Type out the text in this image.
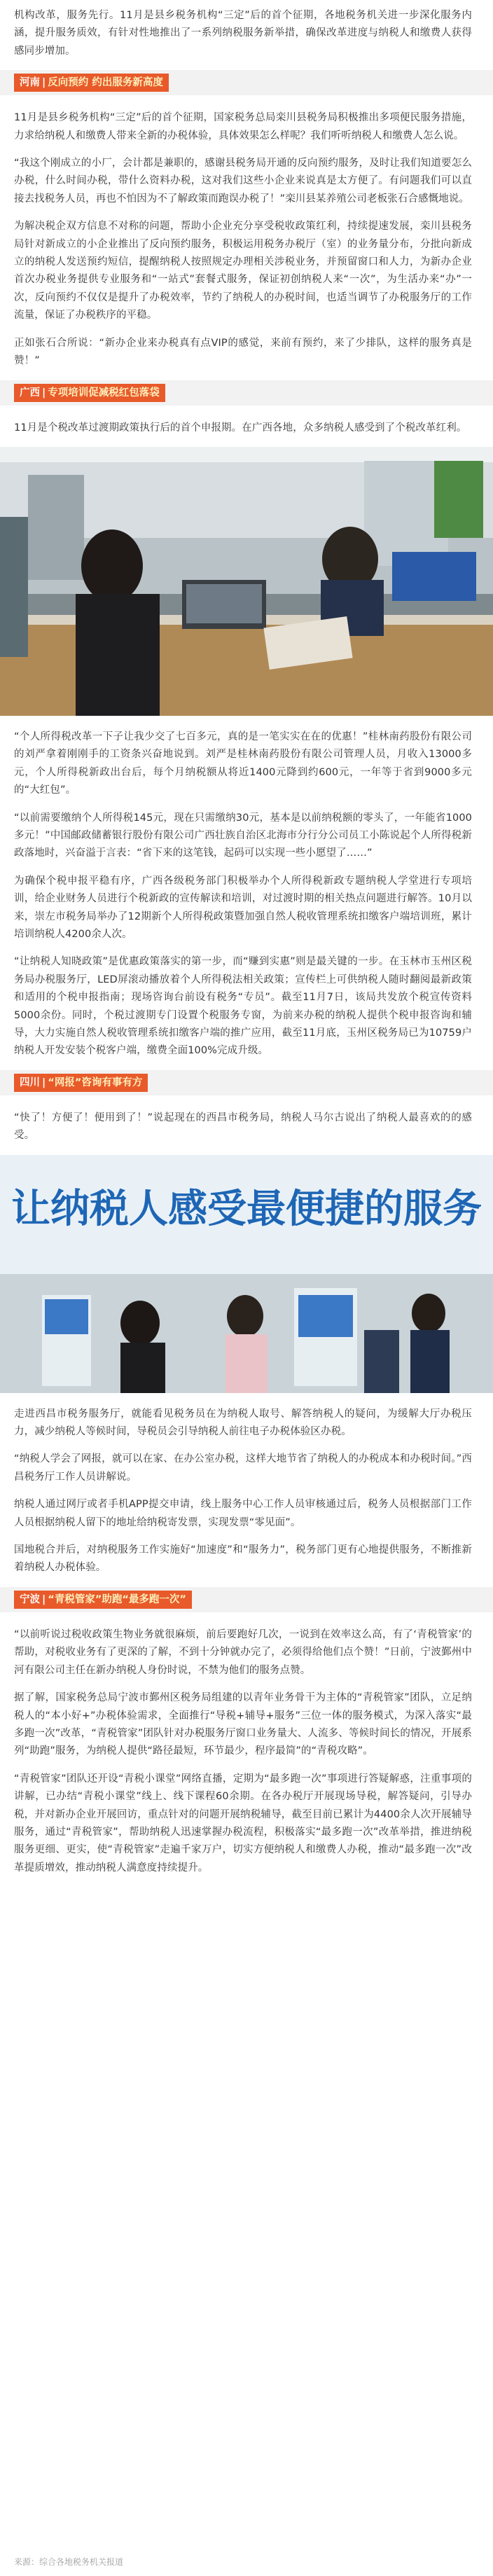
机构改革，服务先行。11月是县乡税务机构“三定”后的首个征期，各地税务机关进一步深化服务内涵，提升服务质效，有针对性地推出了一系列纳税服务新举措，确保改革进度与纳税人和缴费人获得感同步增加。

河南 | 反向预约 约出服务新高度

11月是县乡税务机构“三定”后的首个征期，国家税务总局栾川县税务局积极推出多项便民服务措施，力求给纳税人和缴费人带来全新的办税体验，具体效果怎么样呢？我们听听纳税人和缴费人怎么说。

“我这个刚成立的小厂，会计都是兼职的，感谢县税务局开通的反向预约服务，及时让我们知道要怎么办税，什么时间办税，带什么资料办税，这对我们这些小企业来说真是太方便了。有问题我们可以直接去找税务人员，再也不怕因为不了解政策而跑误办税了！”栾川县某养殖公司老板张石合感慨地说。

为解决税企双方信息不对称的问题，帮助小企业充分享受税收政策红利，持续提速发展，栾川县税务局针对新成立的小企业推出了反向预约服务，积极运用税务办税厅（室）的业务量分布，分批向新成立的纳税人发送预约短信，提醒纳税人按照规定办理相关涉税业务，并预留窗口和人力，为新办企业首次办税业务提供专业服务和“一站式”套餐式服务，保证初创纳税人来“一次”，为生活办来“办”一次，反向预约不仅仅是提升了办税效率，节约了纳税人的办税时间，也适当调节了办税服务厅的工作流量，保证了办税秩序的平稳。

正如张石合所说：“新办企业来办税真有点VIP的感觉，来前有预约，来了少排队，这样的服务真是赞！”

广西 | 专项培训促减税红包落袋

11月是个税改革过渡期政策执行后的首个申报期。在广西各地，众多纳税人感受到了个税改革红利。

“个人所得税改革一下子让我少交了七百多元，真的是一笔实实在在的优惠！”桂林南药股份有限公司的刘严拿着刚刚手的工资条兴奋地说到。刘严是桂林南药股份有限公司管理人员，月收入13000多元，个人所得税新政出台后，每个月纳税额从将近1400元降到约600元，一年等于省到9000多元的“大红包”。

“以前需要缴纳个人所得税145元，现在只需缴纳30元，基本是以前纳税额的零头了，一年能省1000多元！”中国邮政储蓄银行股份有限公司广西壮族自治区北海市分行分公司员工小陈说起个人所得税新政落地时，兴奋溢于言表：“省下来的这笔钱，起码可以实现一些小愿望了……”

为确保个税申报平稳有序，广西各级税务部门积极举办个人所得税新政专题纳税人学堂进行专项培训，给企业财务人员进行个税新政的宣传解读和培训，对过渡时期的相关热点问题进行解答。10月以来，崇左市税务局举办了12期新个人所得税政策暨加强自然人税收管理系统扣缴客户端培训班，累计培训纳税人4200余人次。

“让纳税人知晓政策”是优惠政策落实的第一步，而“赚到实惠”则是最关键的一步。在玉林市玉州区税务局办税服务厅，LED屏滚动播放着个人所得税法相关政策；宣传栏上可供纳税人随时翻阅最新政策和适用的个税申报指南；现场咨询台前设有税务“专员”。截至11月7日，该局共发放个税宣传资料5000余份。同时，个税过渡期专门设置个税服务专窗，为前来办税的纳税人提供个税申报咨询和辅导，大力实施自然人税收管理系统扣缴客户端的推广应用，截至11月底，玉州区税务局已为10759户纳税人开发安装个税客户端，缴费全面100%完成升级。

四川 | “网报”咨询有事有方

“快了！方便了！便用到了！”说起现在的西昌市税务局，纳税人马尔古说出了纳税人最喜欢的的感受。

让纳税人感受最便捷的服务

走进西昌市税务服务厅，就能看见税务员在为纳税人取号、解答纳税人的疑问，为缓解大厅办税压力，减少纳税人等候时间，导税员会引导纳税人前往电子办税体验区办税。

“纳税人学会了网报，就可以在家、在办公室办税，这样大地节省了纳税人的办税成本和办税时间。”西昌税务厅工作人员讲解说。

纳税人通过网厅或者手机APP提交申请，线上服务中心工作人员审核通过后，税务人员根据部门工作人员根据纳税人留下的地址给纳税寄发票，实现发票“零见面”。

国地税合并后，对纳税服务工作实施好“加速度”和“服务力”，税务部门更有心地提供服务，不断推新着纳税人办税体验。

宁波 | “青税管家”助跑“最多跑一次”

“以前听说过税收政策生物业务就很麻烦，前后要跑好几次，一说到在效率这么高，有了‘青税管家’的帮助，对税收业务有了更深的了解，不到十分钟就办完了，必须得给他们点个赞！”日前，宁波鄞州中河有限公司主任在新办纳税人身份时说，不禁为他们的服务点赞。

据了解，国家税务总局宁波市鄞州区税务局组建的以青年业务骨干为主体的“青税管家”团队，立足纳税人的“本小好+”办税体验需求，全面推行“导税+辅导+服务”三位一体的服务模式，为深入落实“最多跑一次”改革，“青税管家”团队针对办税服务厅窗口业务量大、人流多、等候时间长的情况，开展系列“助跑”服务，为纳税人提供“路径最短，环节最少，程序最简”的“青税攻略”。

“青税管家”团队还开设“青税小课堂”网络直播，定期为“最多跑一次”事项进行答疑解惑，注重事项的讲解，已办结“青税小课堂”线上、线下课程60余期。在各办税厅开展现场导税，解答疑问，引导办税，并对新办企业开展回访，重点针对的问题开展纳税辅导，截至目前已累计为4400余人次开展辅导服务，通过“青税管家”，帮助纳税人迅速掌握办税流程，积极落实“最多跑一次”改革举措，推进纳税服务更细、更实，使“青税管家”走遍千家万户，切实方便纳税人和缴费人办税，推动“最多跑一次”改革提质增效，推动纳税人满意度持续提升。

来源：综合各地税务机关报道
